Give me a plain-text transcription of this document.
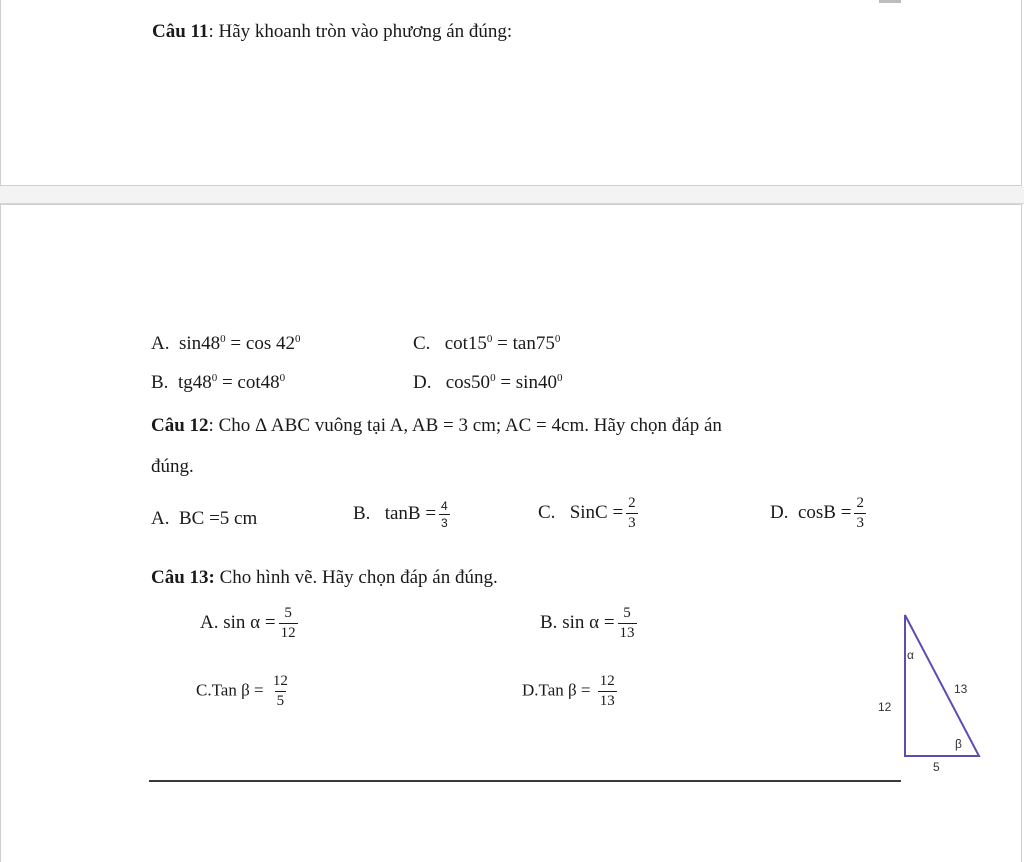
Câu 11: Hãy khoanh tròn vào phương án đúng:
A. $\sin 48^0 = \cos 42^0$
B. $tg48^0 = \cot 48^0$
C. $\cot 15^0 = \tan 75^0$
D. $\cos 50^0 = \sin 40^0$
Câu 12: Cho Δ ABC vuông tại A, AB = 3 cm; AC = 4cm. Hãy chọn đáp án
đúng.
A. BC =5 cm	B. $\tan B = \frac{4}{3}$	C. SinC = $\frac{2}{3}$	D. $\cos B = \frac{2}{3}$
Câu 13: Cho hình vẽ. Hãy chọn đáp án đúng.
A. $\sin \alpha = \frac{5}{12}$	B. $\sin \alpha = \frac{5}{13}$
C.Tan $\beta = \frac{12}{5}$	D.Tan $\beta = \frac{12}{13}$
α
13
12
β
5
